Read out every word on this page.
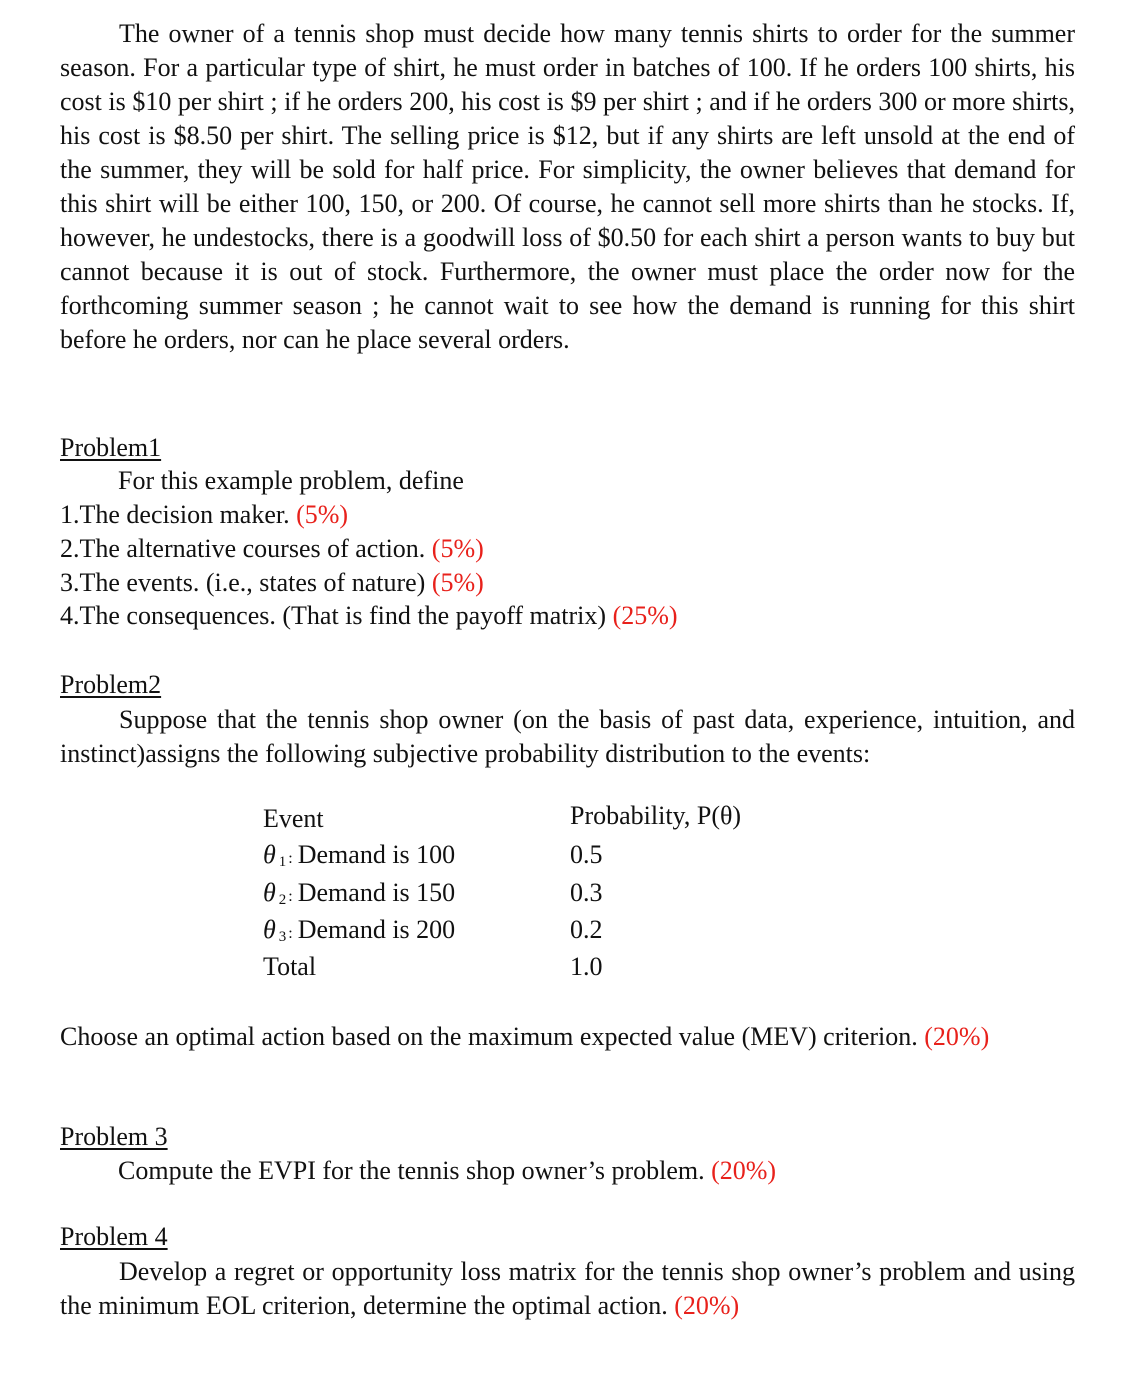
The owner of a tennis shop must decide how many tennis shirts to order for the summer season. For a particular type of shirt, he must order in batches of 100. If he orders 100 shirts, his cost is $10 per shirt ; if he orders 200, his cost is $9 per shirt ; and if he orders 300 or more shirts, his cost is $8.50 per shirt. The selling price is $12, but if any shirts are left unsold at the end of the summer, they will be sold for half price. For simplicity, the owner believes that demand for this shirt will be either 100, 150, or 200. Of course, he cannot sell more shirts than he stocks. If, however, he undestocks, there is a goodwill loss of $0.50 for each shirt a person wants to buy but cannot because it is out of stock. Furthermore, the owner must place the order now for the forthcoming summer season ; he cannot wait to see how the demand is running for this shirt before he orders, nor can he place several orders.

Problem1

For this example problem, define

1.The decision maker. (5%)

2.The alternative courses of action. (5%)

3.The events. (i.e., states of nature) (5%)

4.The consequences. (That is find the payoff matrix) (25%)

Problem2

Suppose that the tennis shop owner (on the basis of past data, experience, intuition, and instinct)assigns the following subjective probability distribution to the events:

Event	Probability, P(θ)

θ $_1$ : Demand is 100	0.5

θ $_2$ : Demand is 150	0.3

θ $_3$ : Demand is 200	0.2

Total	1.0

Choose an optimal action based on the maximum expected value (MEV) criterion. (20%)

Problem 3

Compute the EVPI for the tennis shop owner’s problem. (20%)

Problem 4

Develop a regret or opportunity loss matrix for the tennis shop owner’s problem and using the minimum EOL criterion, determine the optimal action. (20%)
